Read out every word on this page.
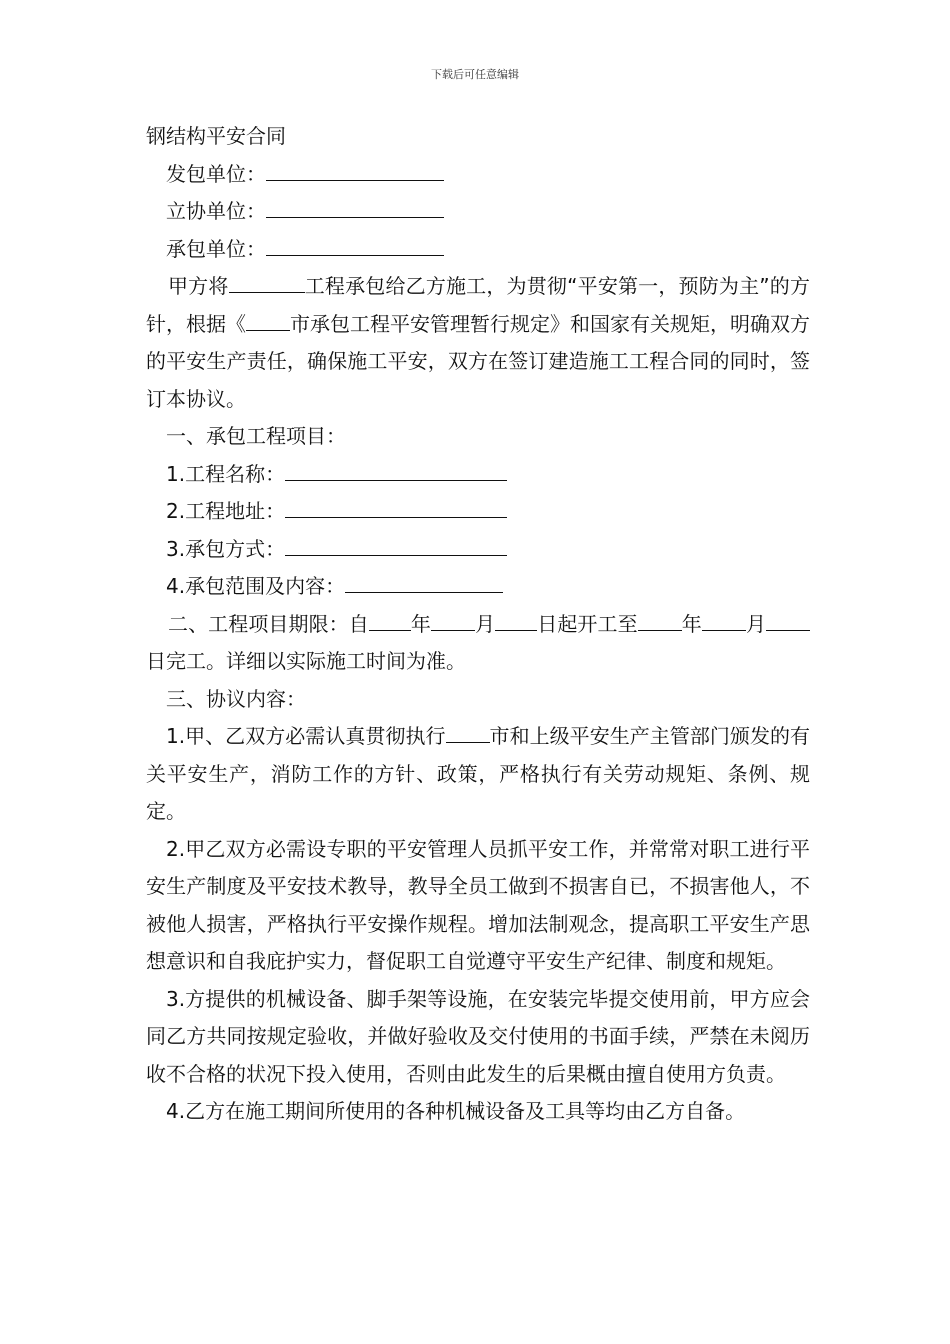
下载后可任意编辑
钢结构平安合同
发包单位：
立协单位：
承包单位：
甲方将	工程承包给乙方施工，为贯彻“平安第一，预防为主”的方针，根据《 市承包工程平安管理暂行规定》和国家有关规矩，明确双方的平安生产责任，确保施工平安，双方在签订建造施工工程合同的同时，签订本协议。
一、承包工程项目：
1.工程名称：
2.工程地址：
3.承包方式：
4.承包范围及内容：
二、工程项目期限：自 年 月 日起开工至 年 月日完工。详细以实际施工时间为准。
三、协议内容：
1.甲、乙双方必需认真贯彻执行 市和上级平安生产主管部门颁发的有关平安生产，消防工作的方针、政策，严格执行有关劳动规矩、条例、规定。
2.甲乙双方必需设专职的平安管理人员抓平安工作，并常常对职工进行平安生产制度及平安技术教导，教导全员工做到不损害自已，不损害他人，不被他人损害，严格执行平安操作规程。增加法制观念，提高职工平安生产思想意识和自我庇护实力，督促职工自觉遵守平安生产纪律、制度和规矩。
3.方提供的机械设备、脚手架等设施，在安装完毕提交使用前，甲方应会同乙方共同按规定验收，并做好验收及交付使用的书面手续，严禁在未阅历收不合格的状况下投入使用，否则由此发生的后果概由擅自使用方负责。
4.乙方在施工期间所使用的各种机械设备及工具等均由乙方自备。
